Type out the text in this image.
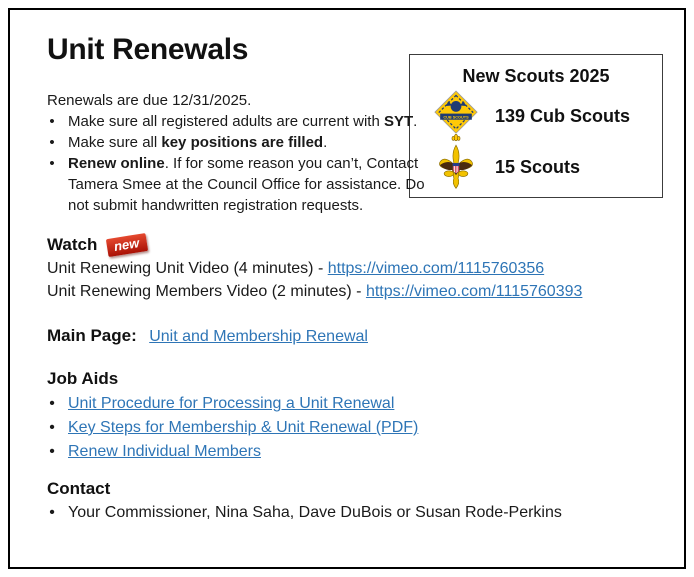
New Scouts 2025
CUB SCOUTS 139 Cub Scouts
15 Scouts
Unit Renewals

Renewals are due 12/31/2025.

• Make sure all registered adults are current with SYT.
• Make sure all key positions are filled.
• Renew online. If for some reason you can’t, Contact Tamera Smee at the Council Office for assistance. Do not submit handwritten registration requests.
Watch	new
Unit Renewing Unit Video (4 minutes) - https://vimeo.com/1115760356
Unit Renewing Members Video (2 minutes) - https://vimeo.com/1115760393
Main Page: Unit and Membership Renewal
Job Aids
• Unit Procedure for Processing a Unit Renewal
• Key Steps for Membership & Unit Renewal (PDF)
• Renew Individual Members
Contact
• Your Commissioner, Nina Saha, Dave DuBois or Susan Rode-Perkins
